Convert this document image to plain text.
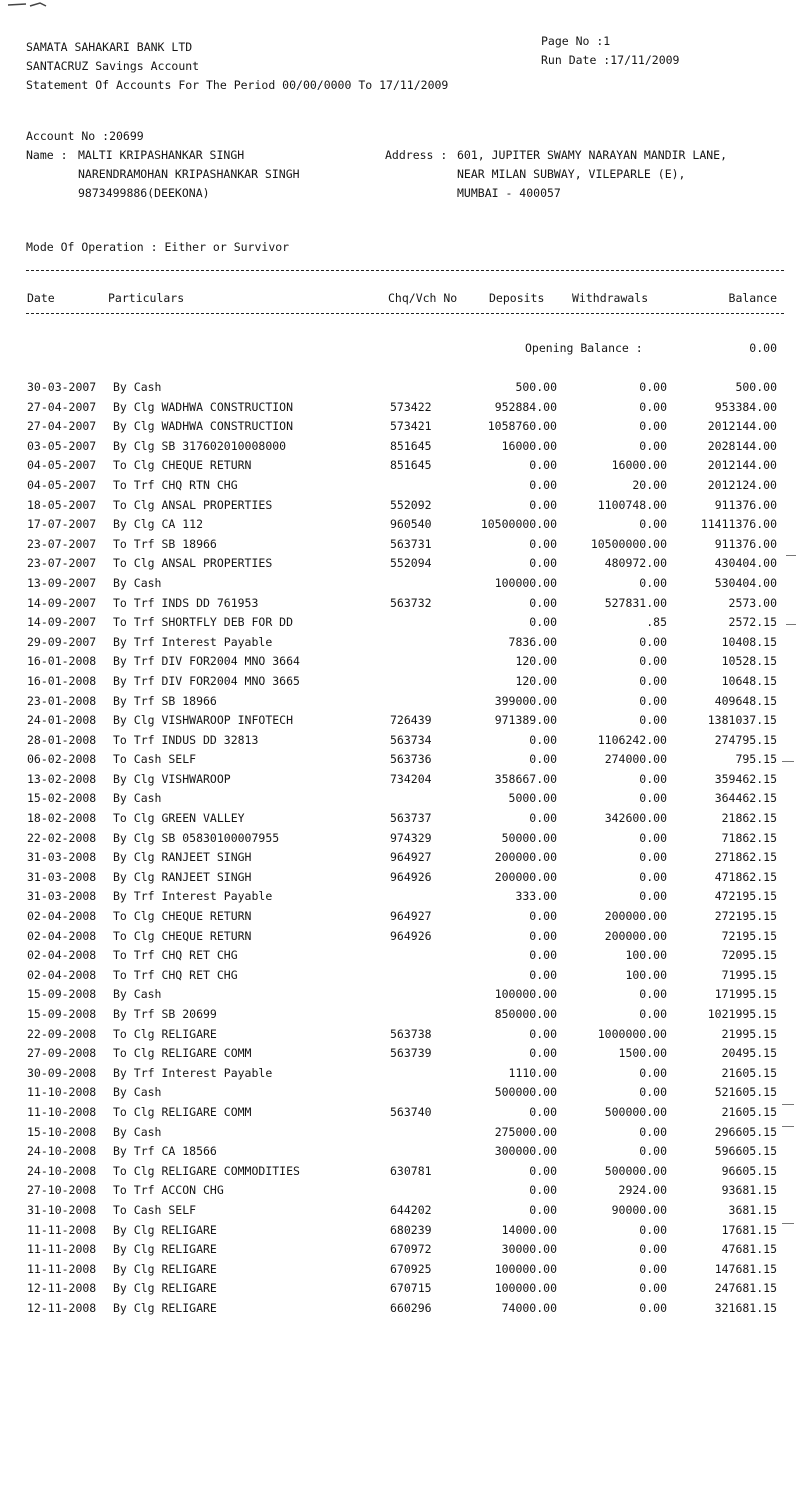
SAMATA SAHAKARI BANK LTD
SANTACRUZ Savings Account
Statement Of Accounts For The Period 00/00/0000 To 17/11/2009
Page No :1
Run Date :17/11/2009
Account No :20699
Name : MALTI KRIPASHANKAR SINGH
NARENDRAMOHAN KRIPASHANKAR SINGH
9873499886(DEEKONA)
Address : 601, JUPITER SWAMY NARAYAN MANDIR LANE,
NEAR MILAN SUBWAY, VILEPARLE (E),
MUMBAI - 400057
Mode Of Operation : Either or Survivor
Date	Particulars	Chq/Vch No	Deposits Withdrawals	Balance
Opening Balance :	0.00
30-03-2007 By Cash	500.00	0.00	500.00
27-04-2007 By Clg WADHWA CONSTRUCTION	573422	952884.00	0.00	953384.00
27-04-2007 By Clg WADHWA CONSTRUCTION	573421	1058760.00	0.00	2012144.00
03-05-2007 By Clg SB 317602010008000	851645	16000.00	0.00	2028144.00
04-05-2007 To Clg CHEQUE RETURN	851645	0.00	16000.00	2012144.00
04-05-2007 To Trf CHQ RTN CHG	0.00	20.00	2012124.00
18-05-2007 To Clg ANSAL PROPERTIES	552092	0.00	1100748.00	911376.00
17-07-2007 By Clg CA 112	960540	10500000.00	0.00	11411376.00
23-07-2007 To Trf SB 18966	563731	0.00	10500000.00	911376.00
23-07-2007 To Clg ANSAL PROPERTIES	552094	0.00	480972.00	430404.00
13-09-2007 By Cash	100000.00	0.00	530404.00
14-09-2007 To Trf INDS DD 761953	563732	0.00	527831.00	2573.00
14-09-2007 To Trf SHORTFLY DEB FOR DD	0.00	.85	2572.15
29-09-2007 By Trf Interest Payable	7836.00	0.00	10408.15
16-01-2008 By Trf DIV FOR2004 MNO 3664	120.00	0.00	10528.15
16-01-2008 By Trf DIV FOR2004 MNO 3665	120.00	0.00	10648.15
23-01-2008 By Trf SB 18966	399000.00	0.00	409648.15
24-01-2008 By Clg VISHWAROOP INFOTECH	726439	971389.00	0.00	1381037.15
28-01-2008 To Trf INDUS DD 32813	563734	0.00	1106242.00	274795.15
06-02-2008 To Cash SELF	563736	0.00	274000.00	795.15
13-02-2008 By Clg VISHWAROOP	734204	358667.00	0.00	359462.15
15-02-2008 By Cash	5000.00	0.00	364462.15
18-02-2008 To Clg GREEN VALLEY	563737	0.00	342600.00	21862.15
22-02-2008 By Clg SB 05830100007955	974329	50000.00	0.00	71862.15
31-03-2008 By Clg RANJEET SINGH	964927	200000.00	0.00	271862.15
31-03-2008 By Clg RANJEET SINGH	964926	200000.00	0.00	471862.15
31-03-2008 By Trf Interest Payable	333.00	0.00	472195.15
02-04-2008 To Clg CHEQUE RETURN	964927	0.00	200000.00	272195.15
02-04-2008 To Clg CHEQUE RETURN	964926	0.00	200000.00	72195.15
02-04-2008 To Trf CHQ RET CHG	0.00	100.00	72095.15
02-04-2008 To Trf CHQ RET CHG	0.00	100.00	71995.15
15-09-2008 By Cash	100000.00	0.00	171995.15
15-09-2008 By Trf SB 20699	850000.00	0.00	1021995.15
22-09-2008 To Clg RELIGARE	563738	0.00	1000000.00	21995.15
27-09-2008 To Clg RELIGARE COMM	563739	0.00	1500.00	20495.15
30-09-2008 By Trf Interest Payable	1110.00	0.00	21605.15
11-10-2008 By Cash	500000.00	0.00	521605.15
11-10-2008 To Clg RELIGARE COMM	563740	0.00	500000.00	21605.15
15-10-2008 By Cash	275000.00	0.00	296605.15
24-10-2008 By Trf CA 18566	300000.00	0.00	596605.15
24-10-2008 To Clg RELIGARE COMMODITIES	630781	0.00	500000.00	96605.15
27-10-2008 To Trf ACCON CHG	0.00	2924.00	93681.15
31-10-2008 To Cash SELF	644202	0.00	90000.00	3681.15
11-11-2008 By Clg RELIGARE	680239	14000.00	0.00	17681.15
11-11-2008 By Clg RELIGARE	670972	30000.00	0.00	47681.15
11-11-2008 By Clg RELIGARE	670925	100000.00	0.00	147681.15
12-11-2008 By Clg RELIGARE	670715	100000.00	0.00	247681.15
12-11-2008 By Clg RELIGARE	660296	74000.00	0.00	321681.15
